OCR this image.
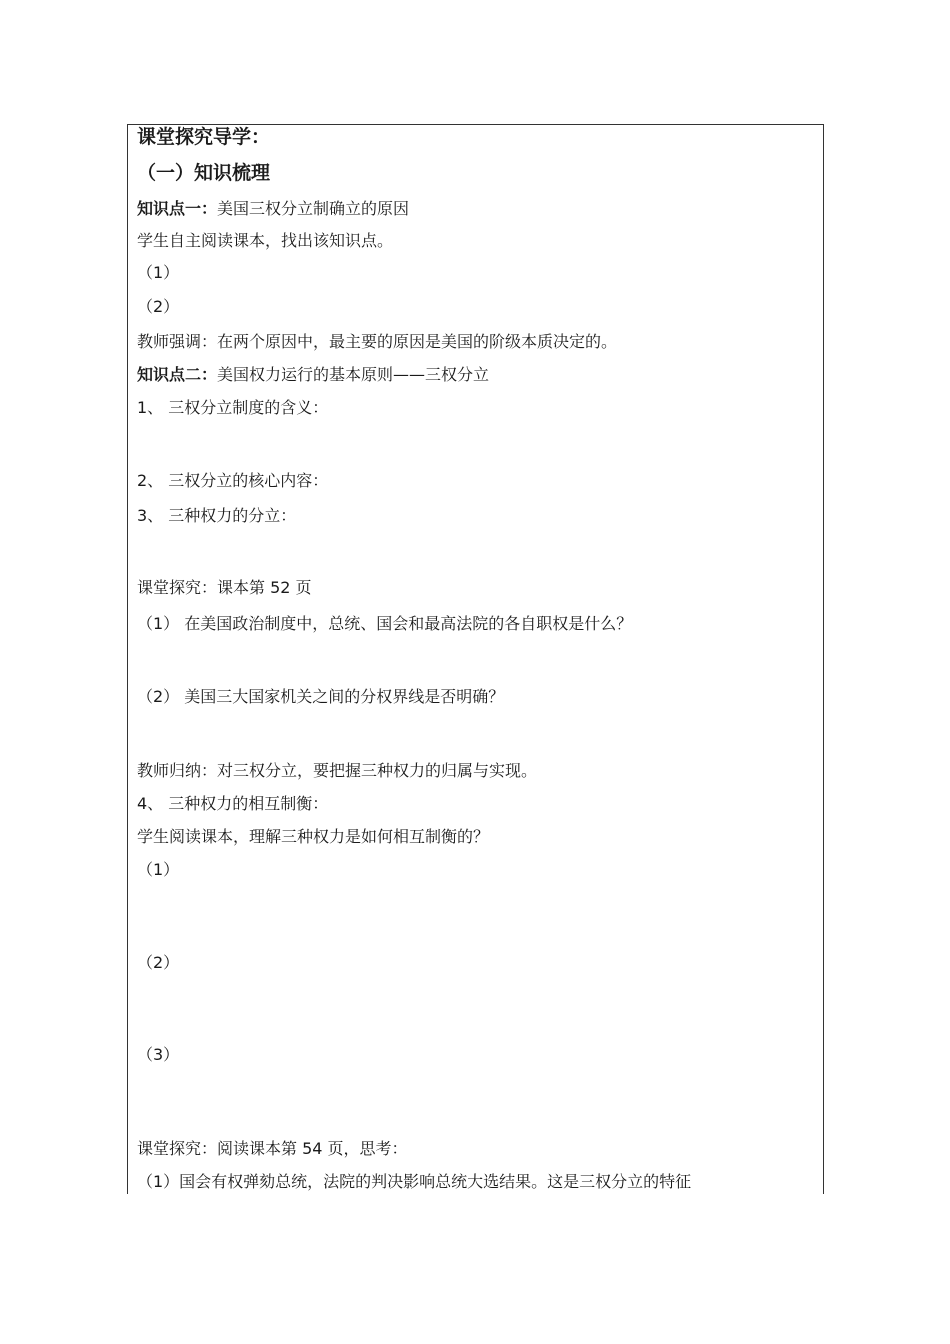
课堂探究导学：
（一）知识梳理
知识点一：美国三权分立制确立的原因
学生自主阅读课本，找出该知识点。
（1）
（2）
教师强调：在两个原因中，最主要的原因是美国的阶级本质决定的。
知识点二：美国权力运行的基本原则——三权分立
1、 三权分立制度的含义：
2、 三权分立的核心内容：
3、 三种权力的分立：
课堂探究：课本第 52 页
（1） 在美国政治制度中，总统、国会和最高法院的各自职权是什么？
（2） 美国三大国家机关之间的分权界线是否明确？
教师归纳：对三权分立，要把握三种权力的归属与实现。
4、 三种权力的相互制衡：
学生阅读课本，理解三种权力是如何相互制衡的？
（1）
（2）
（3）
课堂探究：阅读课本第 54 页，思考：
（1）国会有权弹劾总统，法院的判决影响总统大选结果。这是三权分立的特征
